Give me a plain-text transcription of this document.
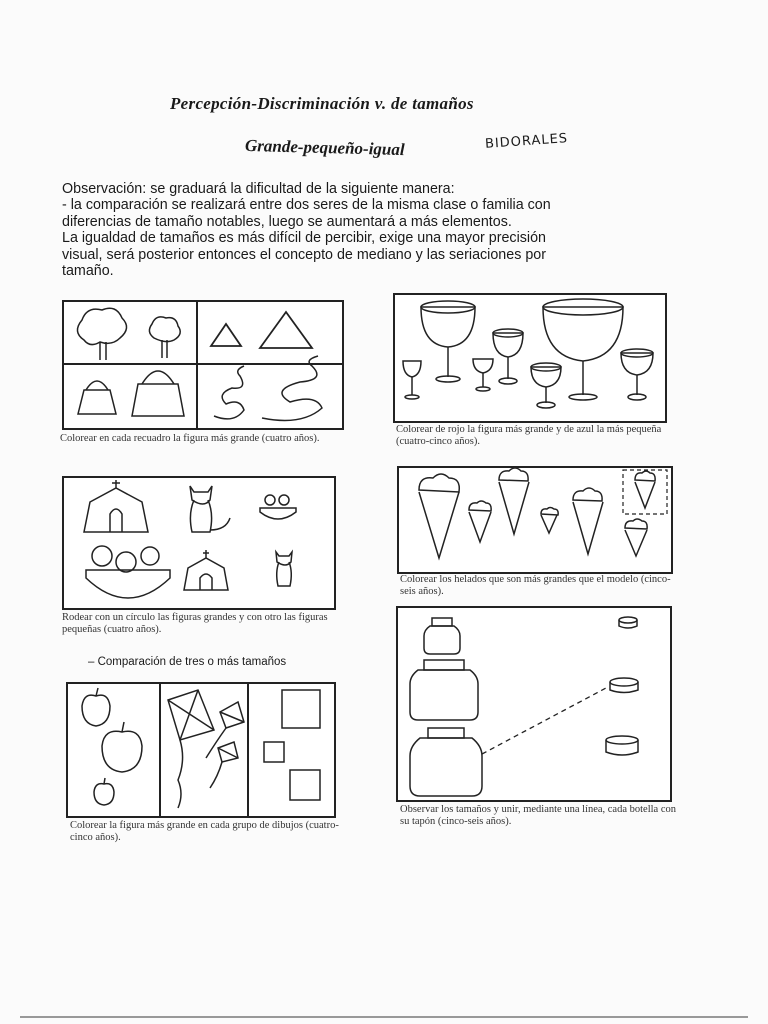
Percepción-Discriminación v. de tamaños
Grande-pequeño-igual	BIDORALES

Observación: se graduará la dificultad de la siguiente manera:

- la comparación se realizará entre dos seres de la misma clase o familia con

diferencias de tamaño notables, luego se aumentará a más elementos.

La igualdad de tamaños es más difícil de percibir, exige una mayor precisión

visual, será posterior entonces el concepto de mediano y las seriaciones por

tamaño.

Colorear en cada recuadro la figura más grande (cuatro años).
Rodear con un círculo las figuras grandes y con otro las figuras pequeñas (cuatro años).
– Comparación de tres o más tamaños
Colorear la figura más grande en cada grupo de dibujos (cuatro-cinco años).
Colorear de rojo la figura más grande y de azul la más pequeña (cuatro-cinco años).
Colorear los helados que son más grandes que el modelo (cinco-seis años).
Observar los tamaños y unir, mediante una línea, cada botella con su tapón (cinco-seis años).
